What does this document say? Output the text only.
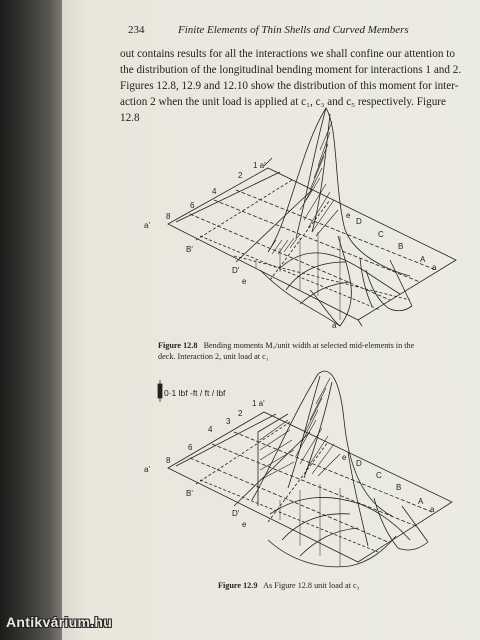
234	Finite Elements of Thin Shells and Curved Members
out contains results for all the interactions we shall confine our attention to
the distribution of the longitudinal bending moment for interactions 1 and 2.
Figures 12.8, 12.9 and 12.10 show the distribution of this moment for inter-
action 2 when the unit load is applied at c₁, c₃ and c₅ respectively. Figure 12.8
a'
8
6
4
2
1 a'
B'
D'
e
e
D
C
B
A
a
a
Figure 12.8 Bending moments Mₓ/unit width at selected mid-elements in the
deck. Interaction 2, unit load at c₁
0·1 lbf -ft / ft / lbf
a'
8
6
4
3
2
1 a'
B'
D'
e
e
D
C
B
A
a
Figure 12.9 As Figure 12.8 unit load at c₃
Antikvárium.hu
